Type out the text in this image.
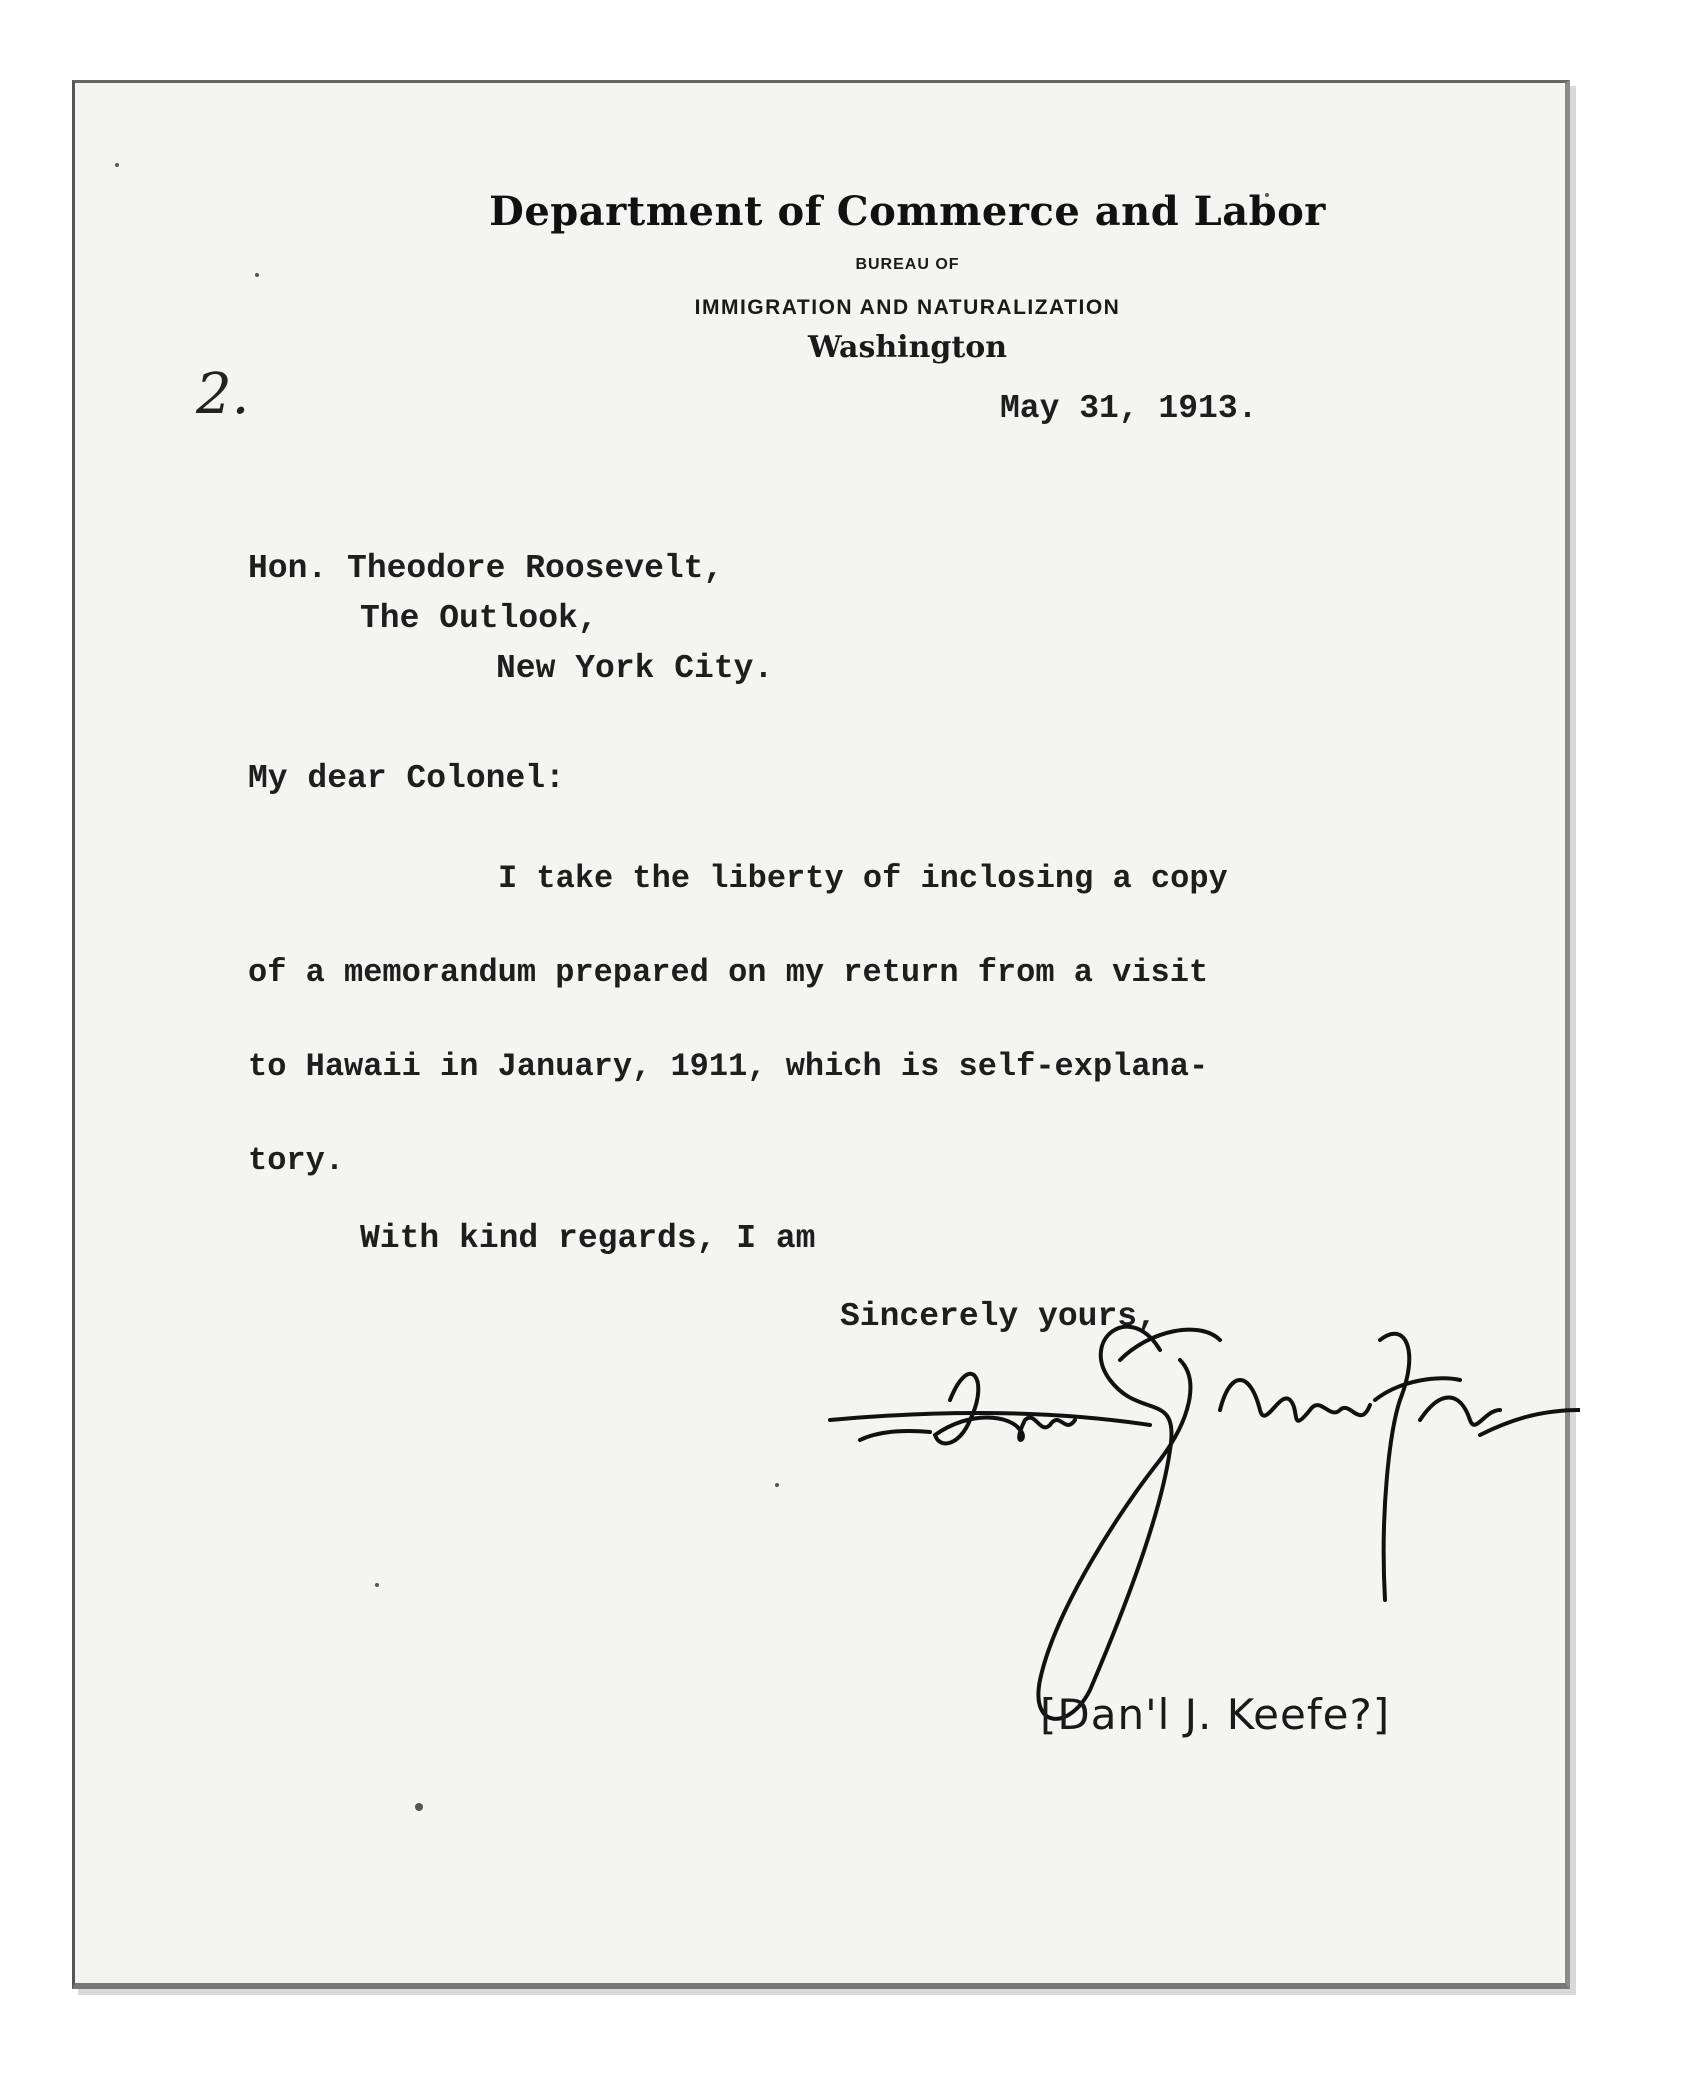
Department of Commerce and Labor
BUREAU OF
IMMIGRATION AND NATURALIZATION
Washington
2.	May 31, 1913.
Hon. Theodore Roosevelt,
The Outlook,
New York City.
My dear Colonel:
I take the liberty of inclosing a copy
of a memorandum prepared on my return from a visit
to Hawaii in January, 1911, which is self-explana-
tory.
With kind regards, I am
Sincerely yours,
[Dan'l J. Keefe?]
